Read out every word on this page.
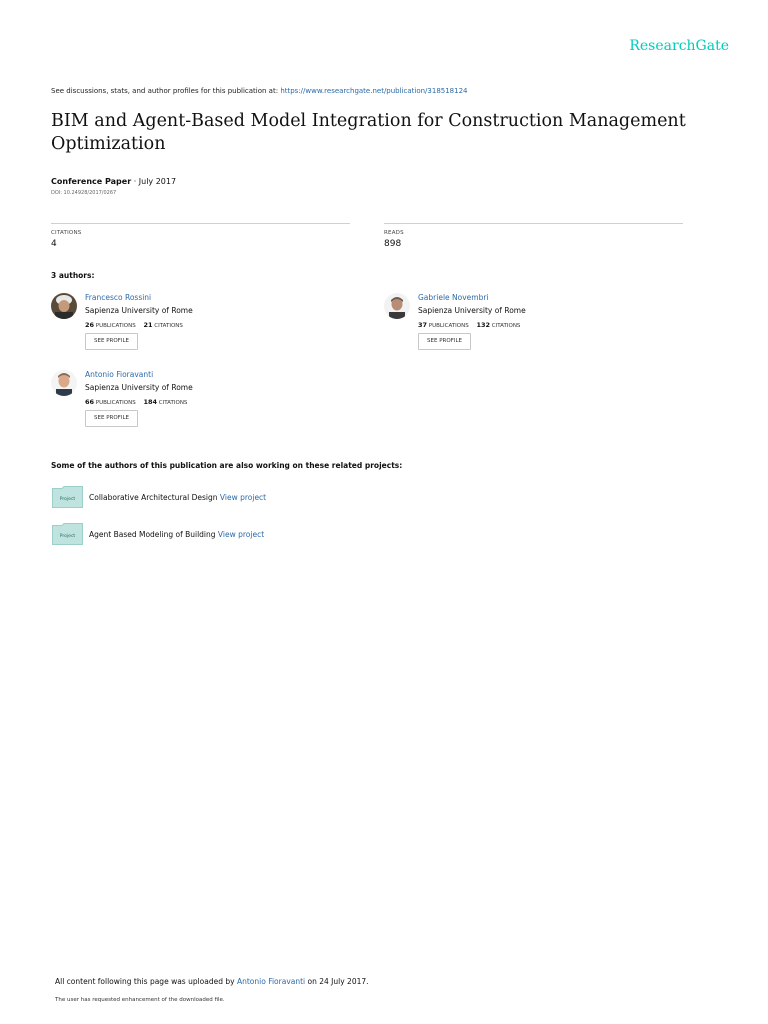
ResearchGate
See discussions, stats, and author profiles for this publication at: https://www.researchgate.net/publication/318518124
BIM and Agent-Based Model Integration for Construction Management Optimization
Conference Paper · July 2017
DOI: 10.24928/2017/0267
CITATIONS
4
READS
898
3 authors:
Francesco Rossini
Sapienza University of Rome
26 PUBLICATIONS 21 CITATIONS
SEE PROFILE
Gabriele Novembri
Sapienza University of Rome
37 PUBLICATIONS 132 CITATIONS
SEE PROFILE
Antonio Fioravanti
Sapienza University of Rome
66 PUBLICATIONS 184 CITATIONS
SEE PROFILE
Some of the authors of this publication are also working on these related projects:
Project Collaborative Architectural Design View project
Project Agent Based Modeling of Building View project
All content following this page was uploaded by Antonio Fioravanti on 24 July 2017.
The user has requested enhancement of the downloaded file.
